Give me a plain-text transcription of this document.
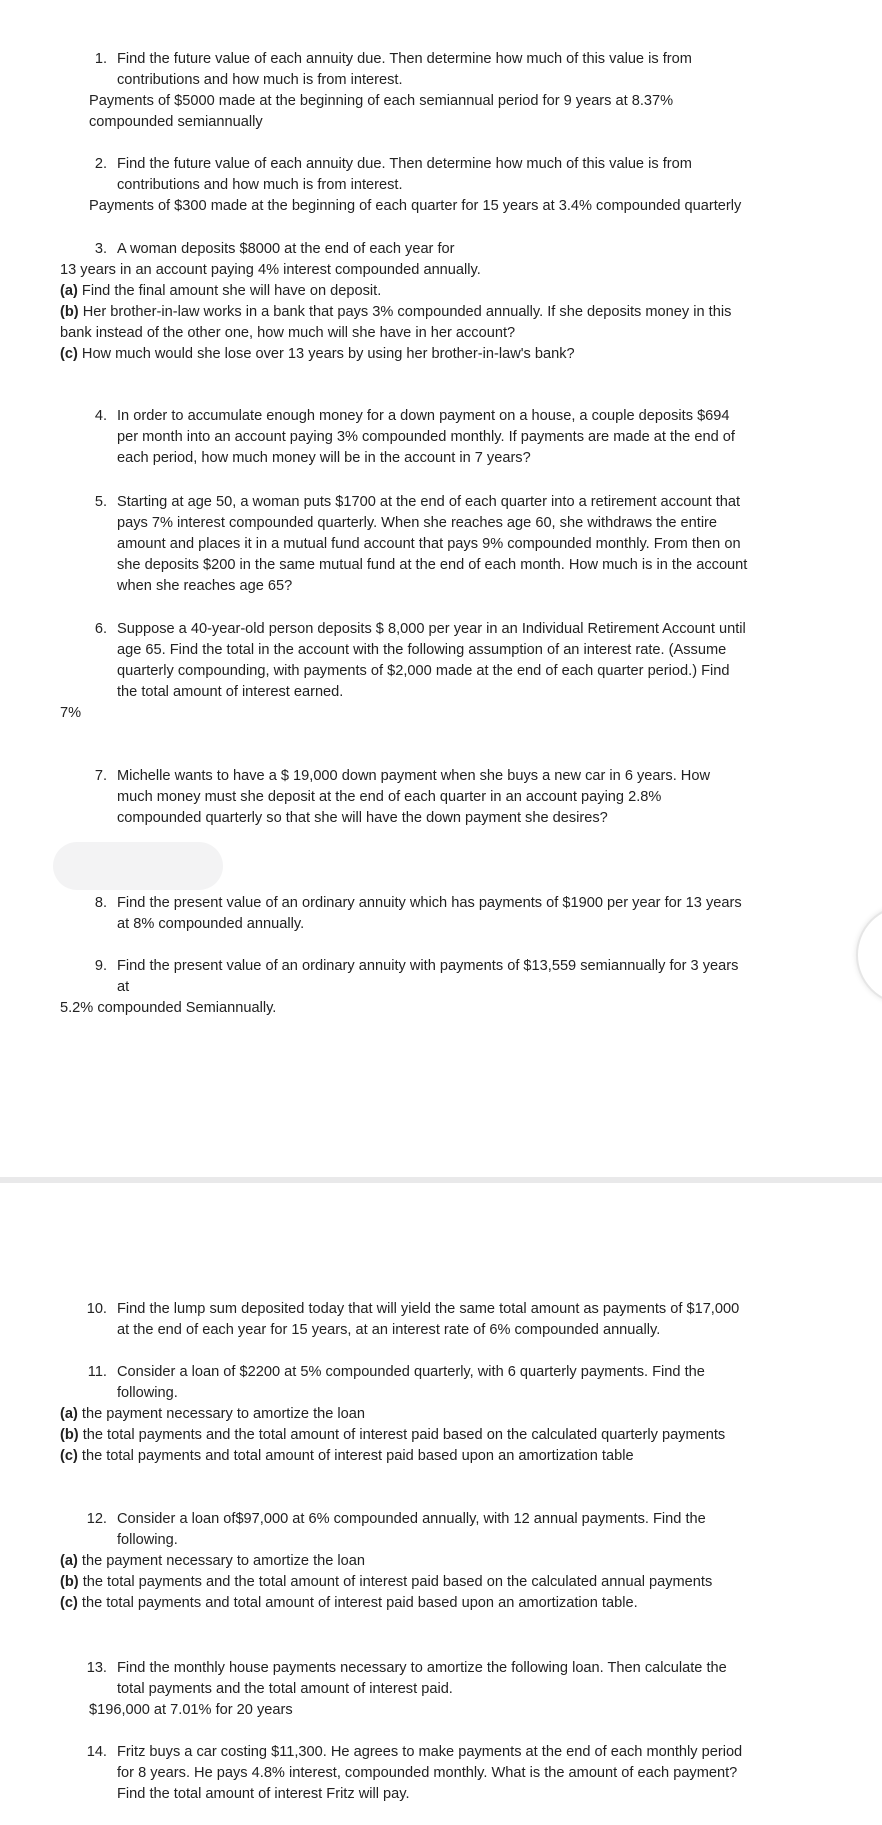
1. Find the future value of each annuity due. Then determine how much of this value is from
contributions and how much is from interest.
Payments of $5000 made at the beginning of each semiannual period for 9 years at 8.37%
compounded semiannually
2. Find the future value of each annuity due. Then determine how much of this value is from
contributions and how much is from interest.
Payments of $300 made at the beginning of each quarter for 15 years at 3.4% compounded quarterly
3. A woman deposits $8000 at the end of each year for
13 years in an account paying 4% interest compounded annually.
(a) Find the final amount she will have on deposit.
(b) Her brother-in-law works in a bank that pays 3% compounded annually. If she deposits money in this
bank instead of the other one, how much will she have in her account?
(c) How much would she lose over 13 years by using her brother-in-law's bank?
4. In order to accumulate enough money for a down payment on a house, a couple deposits $694
per month into an account paying 3% compounded monthly. If payments are made at the end of
each period, how much money will be in the account in 7 years?
5. Starting at age 50, a woman puts $1700 at the end of each quarter into a retirement account that
pays 7% interest compounded quarterly. When she reaches age 60, she withdraws the entire
amount and places it in a mutual fund account that pays 9% compounded monthly. From then on
she deposits $200 in the same mutual fund at the end of each month. How much is in the account
when she reaches age 65?
6. Suppose a 40-year-old person deposits $ 8,000 per year in an Individual Retirement Account until
age 65. Find the total in the account with the following assumption of an interest rate. (Assume
quarterly compounding, with payments of $2,000 made at the end of each quarter period.) Find
the total amount of interest earned.
7%
7. Michelle wants to have a $ 19,000 down payment when she buys a new car in 6 years. How
much money must she deposit at the end of each quarter in an account paying 2.8%
compounded quarterly so that she will have the down payment she desires?
8. Find the present value of an ordinary annuity which has payments of $1900 per year for 13 years
at 8% compounded annually.
9. Find the present value of an ordinary annuity with payments of $13,559 semiannually for 3 years
at
5.2% compounded Semiannually.
10. Find the lump sum deposited today that will yield the same total amount as payments of $17,000
at the end of each year for 15 years, at an interest rate of 6% compounded annually.
11. Consider a loan of $2200 at 5% compounded quarterly, with 6 quarterly payments. Find the
following.
(a) the payment necessary to amortize the loan
(b) the total payments and the total amount of interest paid based on the calculated quarterly payments
(c) the total payments and total amount of interest paid based upon an amortization table
12. Consider a loan of$97,000 at 6% compounded annually, with 12 annual payments. Find the
following.
(a) the payment necessary to amortize the loan
(b) the total payments and the total amount of interest paid based on the calculated annual payments
(c) the total payments and total amount of interest paid based upon an amortization table.
13. Find the monthly house payments necessary to amortize the following loan. Then calculate the
total payments and the total amount of interest paid.
$196,000 at 7.01% for 20 years
14. Fritz buys a car costing $11,300. He agrees to make payments at the end of each monthly period
for 8 years. He pays 4.8% interest, compounded monthly. What is the amount of each payment?
Find the total amount of interest Fritz will pay.
